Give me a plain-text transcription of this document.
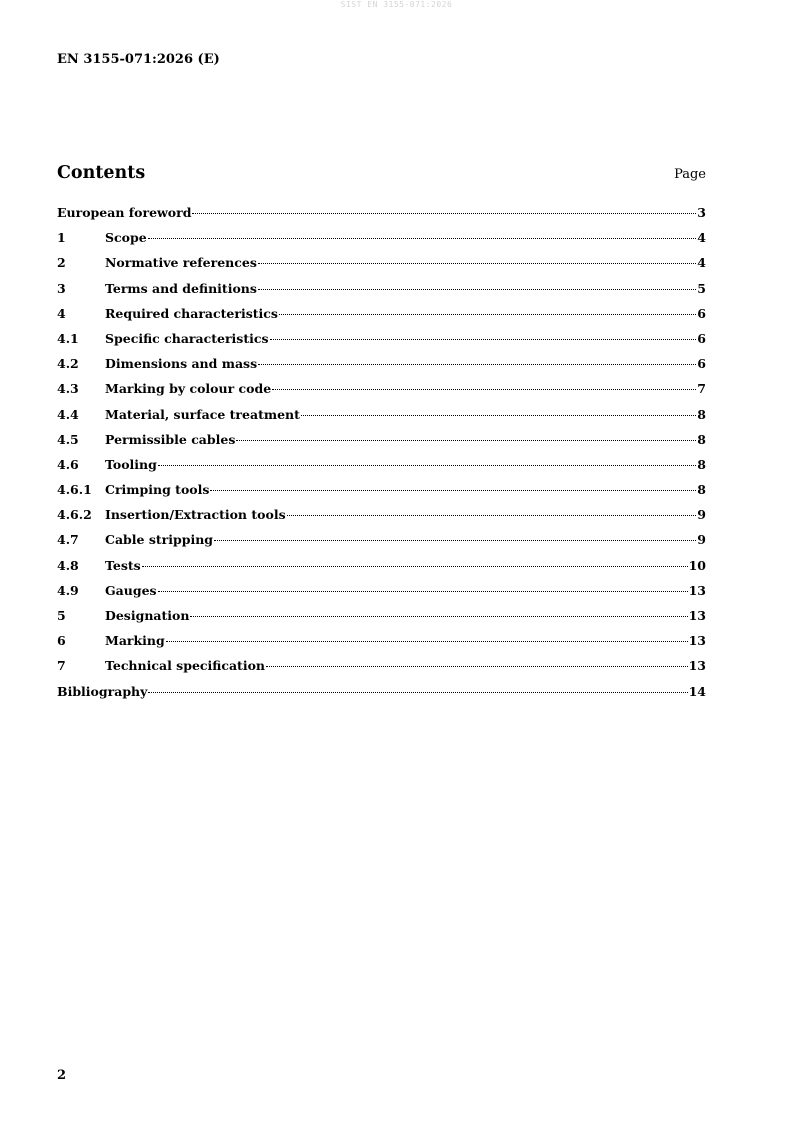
SIST EN 3155-071:2026
EN 3155-071:2026 (E)
Contents	Page
European foreword	3
1	Scope	4
2	Normative references	4
3	Terms and definitions	5
4	Required characteristics	6
4.1	Specific characteristics	6
4.2	Dimensions and mass	6
4.3	Marking by colour code	7
4.4	Material, surface treatment	8
4.5	Permissible cables	8
4.6	Tooling	8
4.6.1	Crimping tools	8
4.6.2	Insertion/Extraction tools	9
4.7	Cable stripping	9
4.8	Tests	10
4.9	Gauges	13
5	Designation	13
6	Marking	13
7	Technical specification	13
Bibliography	14
2
